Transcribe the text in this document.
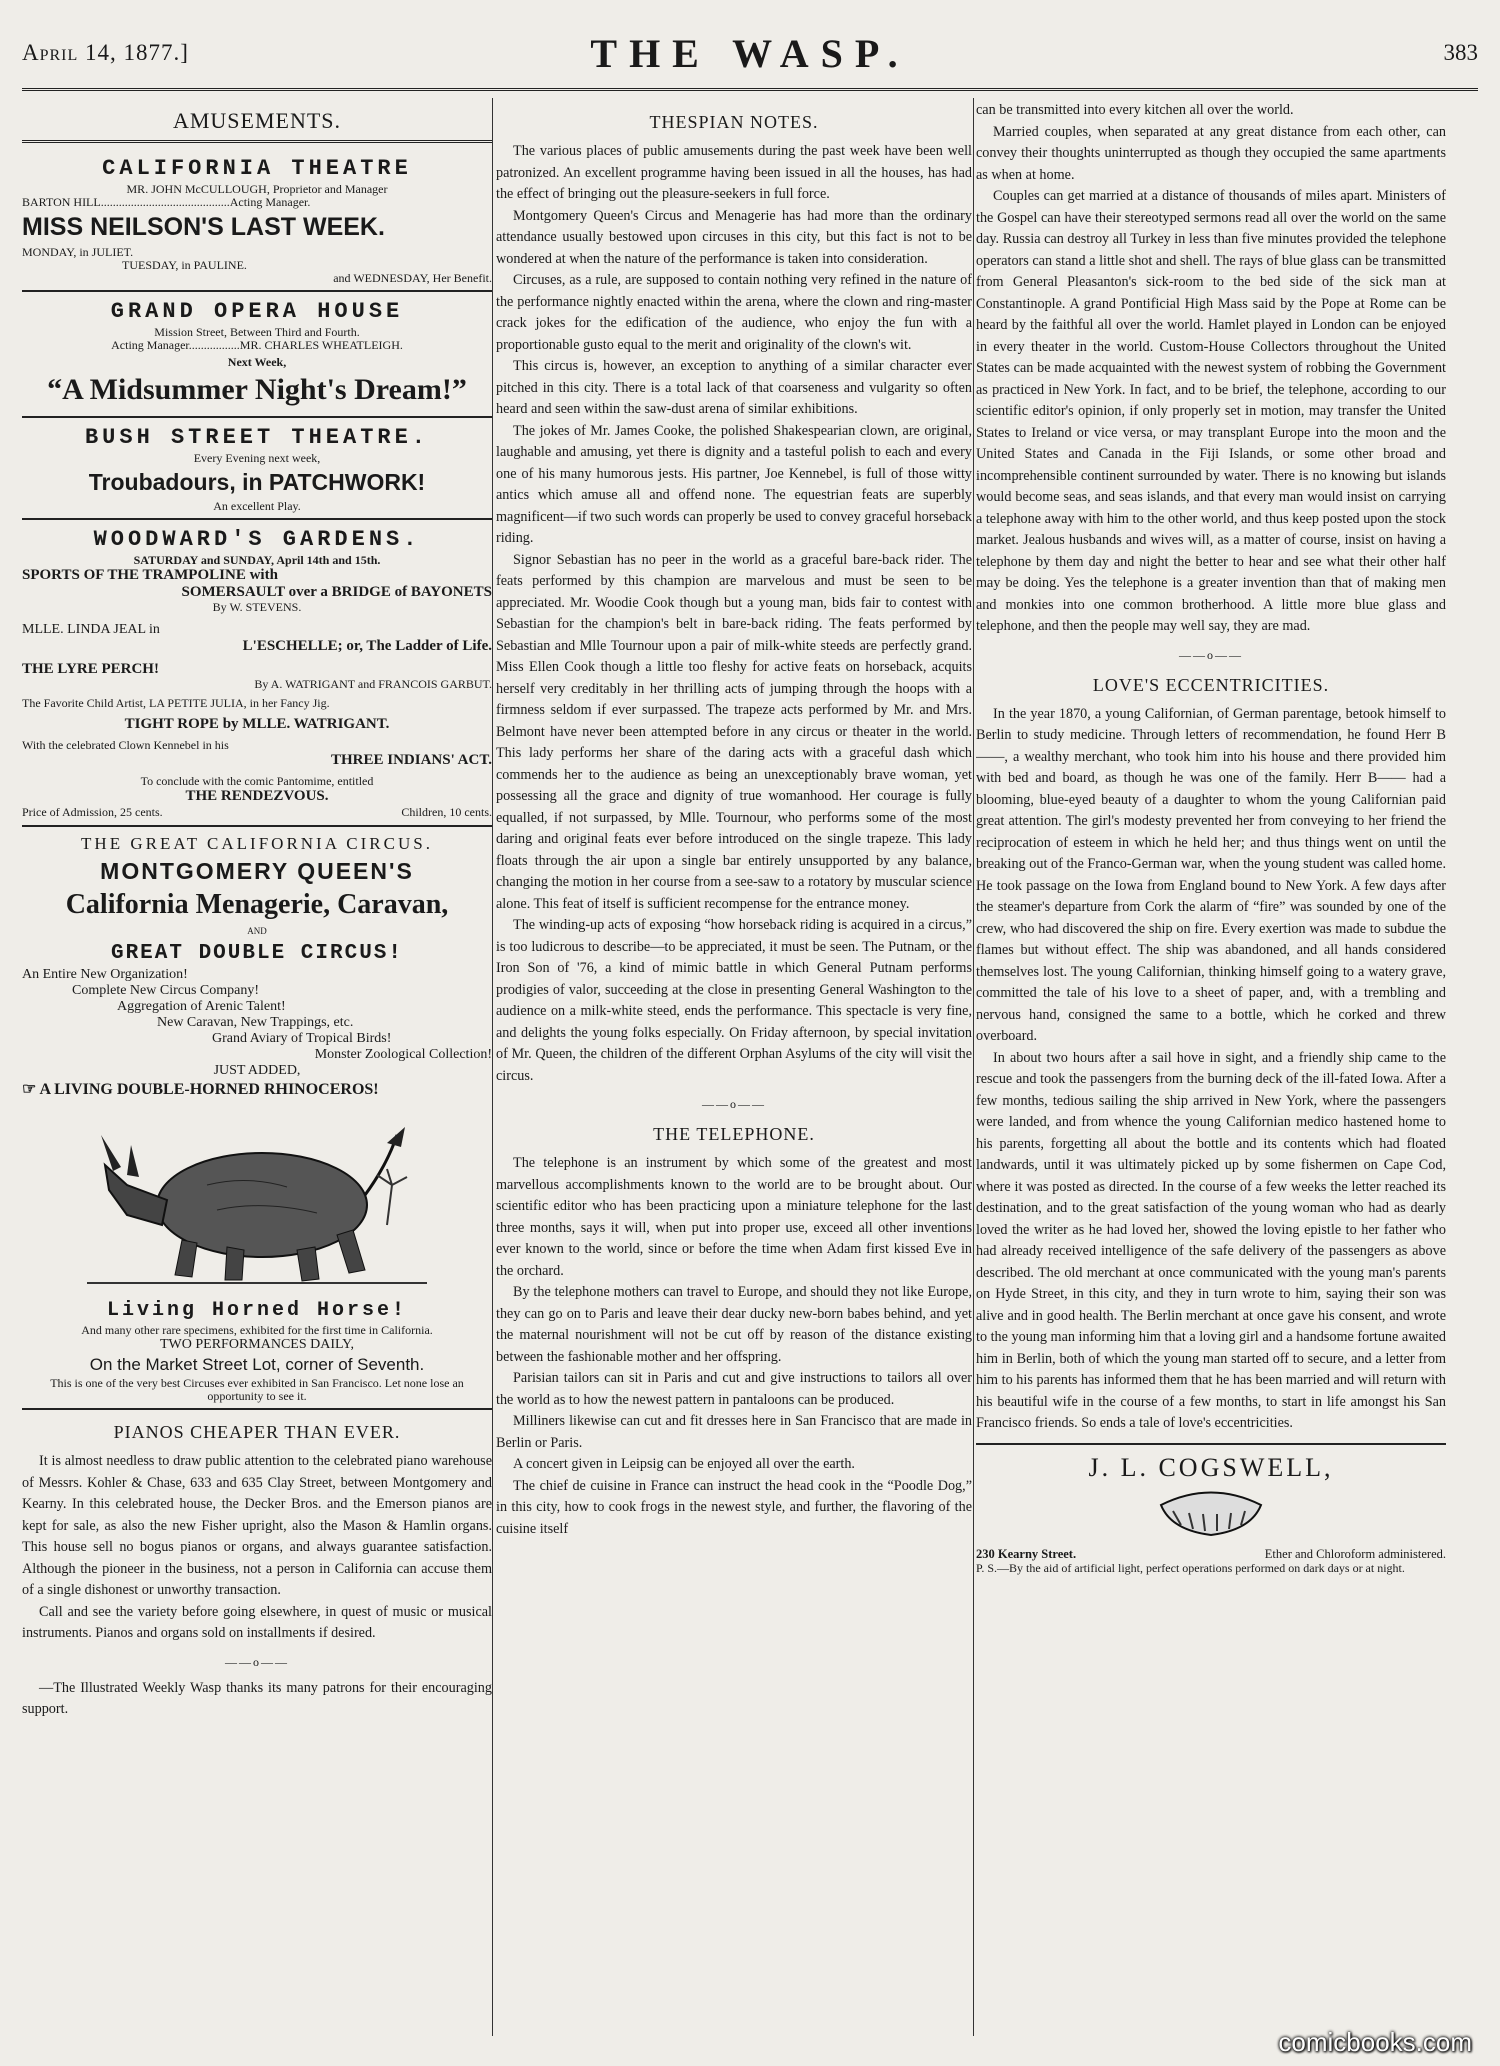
April 14, 1877.]	THE WASP.	383
AMUSEMENTS.
CALIFORNIA THEATRE
MR. JOHN McCULLOUGH, Proprietor and Manager
BARTON HILL...........................................Acting Manager.
MISS NEILSON'S LAST WEEK.
MONDAY, in JULIET.
TUESDAY, in PAULINE.
and WEDNESDAY, Her Benefit.
GRAND OPERA HOUSE
Mission Street, Between Third and Fourth.
Acting Manager.................MR. CHARLES WHEATLEIGH.
Next Week,
“A Midsummer Night's Dream!”
BUSH STREET THEATRE.
Every Evening next week,
Troubadours, in PATCHWORK!
An excellent Play.
WOODWARD'S GARDENS.
SATURDAY and SUNDAY, April 14th and 15th.
SPORTS OF THE TRAMPOLINE with
SOMERSAULT over a BRIDGE of BAYONETS
By W. STEVENS.
MLLE. LINDA JEAL in
L'ESCHELLE; or, The Ladder of Life.
THE LYRE PERCH!
By A. WATRIGANT and FRANCOIS GARBUT.
The Favorite Child Artist, LA PETITE JULIA, in her Fancy Jig.
TIGHT ROPE by MLLE. WATRIGANT.
With the celebrated Clown Kennebel in his
THREE INDIANS' ACT.
To conclude with the comic Pantomime, entitled
THE RENDEZVOUS.
Price of Admission, 25 cents.	Children, 10 cents.
THE GREAT CALIFORNIA CIRCUS.
MONTGOMERY QUEEN'S
California Menagerie, Caravan,
AND
GREAT DOUBLE CIRCUS!
An Entire New Organization!
Complete New Circus Company!
Aggregation of Arenic Talent!
New Caravan, New Trappings, etc.
Grand Aviary of Tropical Birds!
Monster Zoological Collection!
JUST ADDED,
☞ A LIVING DOUBLE-HORNED RHINOCEROS!
Living Horned Horse!
And many other rare specimens, exhibited for the first time in California.
TWO PERFORMANCES DAILY,
On the Market Street Lot, corner of Seventh.
This is one of the very best Circuses ever exhibited in San Francisco. Let none lose an opportunity to see it.
PIANOS CHEAPER THAN EVER.

It is almost needless to draw public attention to the celebrated piano warehouse of Messrs. Kohler & Chase, 633 and 635 Clay Street, between Montgomery and Kearny. In this celebrated house, the Decker Bros. and the Emerson pianos are kept for sale, as also the new Fisher upright, also the Mason & Hamlin organs. This house sell no bogus pianos or organs, and always guarantee satisfaction. Although the pioneer in the business, not a person in California can accuse them of a single dishonest or unworthy transaction.

Call and see the variety before going elsewhere, in quest of music or musical instruments. Pianos and organs sold on installments if desired.

——o——

—The Illustrated Weekly Wasp thanks its many patrons for their encouraging support.

THESPIAN NOTES.

The various places of public amusements during the past week have been well patronized. An excellent programme having been issued in all the houses, has had the effect of bringing out the pleasure-seekers in full force.

Montgomery Queen's Circus and Menagerie has had more than the ordinary attendance usually bestowed upon circuses in this city, but this fact is not to be wondered at when the nature of the performance is taken into consideration.

Circuses, as a rule, are supposed to contain nothing very refined in the nature of the performance nightly enacted within the arena, where the clown and ring-master crack jokes for the edification of the audience, who enjoy the fun with a proportionable gusto equal to the merit and originality of the clown's wit.

This circus is, however, an exception to anything of a similar character ever pitched in this city. There is a total lack of that coarseness and vulgarity so often heard and seen within the saw-dust arena of similar exhibitions.

The jokes of Mr. James Cooke, the polished Shakespearian clown, are original, laughable and amusing, yet there is dignity and a tasteful polish to each and every one of his many humorous jests. His partner, Joe Kennebel, is full of those witty antics which amuse all and offend none. The equestrian feats are superbly magnificent—if two such words can properly be used to convey graceful horseback riding.

Signor Sebastian has no peer in the world as a graceful bare-back rider. The feats performed by this champion are marvelous and must be seen to be appreciated. Mr. Woodie Cook though but a young man, bids fair to contest with Sebastian for the champion's belt in bare-back riding. The feats performed by Sebastian and Mlle Tournour upon a pair of milk-white steeds are perfectly grand. Miss Ellen Cook though a little too fleshy for active feats on horseback, acquits herself very creditably in her thrilling acts of jumping through the hoops with a firmness seldom if ever surpassed. The trapeze acts performed by Mr. and Mrs. Belmont have never been attempted before in any circus or theater in the world. This lady performs her share of the daring acts with a graceful dash which commends her to the audience as being an unexceptionably brave woman, yet possessing all the grace and dignity of true womanhood. Her courage is fully equalled, if not surpassed, by Mlle. Tournour, who performs some of the most daring and original feats ever before introduced on the single trapeze. This lady floats through the air upon a single bar entirely unsupported by any balance, changing the motion in her course from a see-saw to a rotatory by muscular science alone. This feat of itself is sufficient recompense for the entrance money.

The winding-up acts of exposing “how horseback riding is acquired in a circus,” is too ludicrous to describe—to be appreciated, it must be seen. The Putnam, or the Iron Son of '76, a kind of mimic battle in which General Putnam performs prodigies of valor, succeeding at the close in presenting General Washington to the audience on a milk-white steed, ends the performance. This spectacle is very fine, and delights the young folks especially. On Friday afternoon, by special invitation of Mr. Queen, the children of the different Orphan Asylums of the city will visit the circus.

——o——
THE TELEPHONE.

The telephone is an instrument by which some of the greatest and most marvellous accomplishments known to the world are to be brought about. Our scientific editor who has been practicing upon a miniature telephone for the last three months, says it will, when put into proper use, exceed all other inventions ever known to the world, since or before the time when Adam first kissed Eve in the orchard.

By the telephone mothers can travel to Europe, and should they not like Europe, they can go on to Paris and leave their dear ducky new-born babes behind, and yet the maternal nourishment will not be cut off by reason of the distance existing between the fashionable mother and her offspring.

Parisian tailors can sit in Paris and cut and give instructions to tailors all over the world as to how the newest pattern in pantaloons can be produced.

Milliners likewise can cut and fit dresses here in San Francisco that are made in Berlin or Paris.

A concert given in Leipsig can be enjoyed all over the earth.

The chief de cuisine in France can instruct the head cook in the “Poodle Dog,” in this city, how to cook frogs in the newest style, and further, the flavoring of the cuisine itself

can be transmitted into every kitchen all over the world.

Married couples, when separated at any great distance from each other, can convey their thoughts uninterrupted as though they occupied the same apartments as when at home.

Couples can get married at a distance of thousands of miles apart. Ministers of the Gospel can have their stereotyped sermons read all over the world on the same day. Russia can destroy all Turkey in less than five minutes provided the telephone operators can stand a little shot and shell. The rays of blue glass can be transmitted from General Pleasanton's sick-room to the bed side of the sick man at Constantinople. A grand Pontificial High Mass said by the Pope at Rome can be heard by the faithful all over the world. Hamlet played in London can be enjoyed in every theater in the world. Custom-House Collectors throughout the United States can be made acquainted with the newest system of robbing the Government as practiced in New York. In fact, and to be brief, the telephone, according to our scientific editor's opinion, if only properly set in motion, may transfer the United States to Ireland or vice versa, or may transplant Europe into the moon and the United States and Canada in the Fiji Islands, or some other broad and incomprehensible continent surrounded by water. There is no knowing but islands would become seas, and seas islands, and that every man would insist on carrying a telephone away with him to the other world, and thus keep posted upon the stock market. Jealous husbands and wives will, as a matter of course, insist on having a telephone by them day and night the better to hear and see what their other half may be doing. Yes the telephone is a greater invention than that of making men and monkies into one common brotherhood. A little more blue glass and telephone, and then the people may well say, they are mad.

——o——
LOVE'S ECCENTRICITIES.

In the year 1870, a young Californian, of German parentage, betook himself to Berlin to study medicine. Through letters of recommendation, he found Herr B——, a wealthy merchant, who took him into his house and there provided him with bed and board, as though he was one of the family. Herr B—— had a blooming, blue-eyed beauty of a daughter to whom the young Californian paid great attention. The girl's modesty prevented her from conveying to her friend the reciprocation of esteem in which he held her; and thus things went on until the breaking out of the Franco-German war, when the young student was called home. He took passage on the Iowa from England bound to New York. A few days after the steamer's departure from Cork the alarm of “fire” was sounded by one of the crew, who had discovered the ship on fire. Every exertion was made to subdue the flames but without effect. The ship was abandoned, and all hands considered themselves lost. The young Californian, thinking himself going to a watery grave, committed the tale of his love to a sheet of paper, and, with a trembling and nervous hand, consigned the same to a bottle, which he corked and threw overboard.

In about two hours after a sail hove in sight, and a friendly ship came to the rescue and took the passengers from the burning deck of the ill-fated Iowa. After a few months, tedious sailing the ship arrived in New York, where the passengers were landed, and from whence the young Californian medico hastened home to his parents, forgetting all about the bottle and its contents which had floated landwards, until it was ultimately picked up by some fishermen on Cape Cod, where it was posted as directed. In the course of a few weeks the letter reached its destination, and to the great satisfaction of the young woman who had as dearly loved the writer as he had loved her, showed the loving epistle to her father who had already received intelligence of the safe delivery of the passengers as above described. The old merchant at once communicated with the young man's parents on Hyde Street, in this city, and they in turn wrote to him, saying their son was alive and in good health. The Berlin merchant at once gave his consent, and wrote to the young man informing him that a loving girl and a handsome fortune awaited him in Berlin, both of which the young man started off to secure, and a letter from him to his parents has informed them that he has been married and will return with his beautiful wife in the course of a few months, to start in life amongst his San Francisco friends. So ends a tale of love's eccentricities.

J. L. COGSWELL,
230 Kearny Street.	Ether and Chloroform administered.
P. S.—By the aid of artificial light, perfect operations performed on dark days or at night.
comicbooks.com
